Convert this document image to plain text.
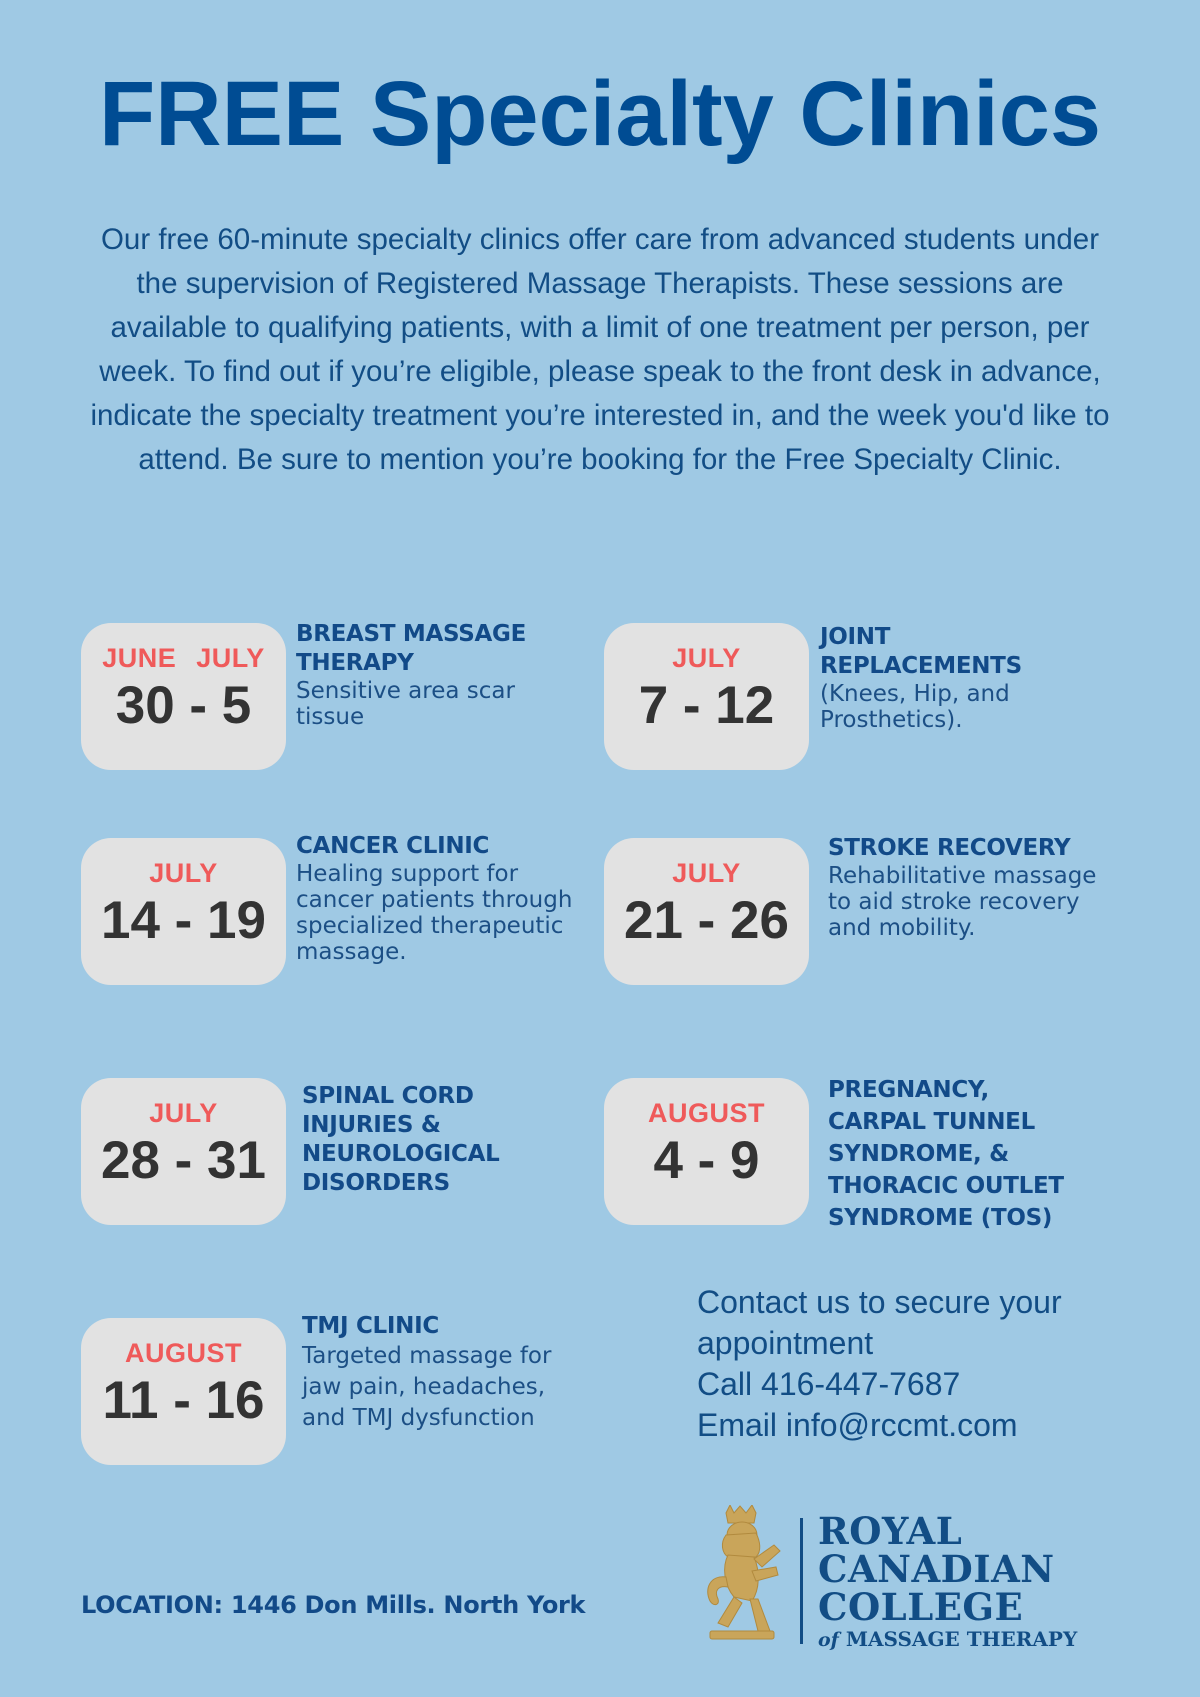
FREE Specialty Clinics

Our free 60-minute specialty clinics offer care from advanced students under the supervision of Registered Massage Therapists. These sessions are available to qualifying patients, with a limit of one treatment per person, per week. To find out if you’re eligible, please speak to the front desk in advance, indicate the specialty treatment you’re interested in, and the week you'd like to attend. Be sure to mention you’re booking for the Free Specialty Clinic.

JUNE JULY
30 - 5
BREAST MASSAGE THERAPY
Sensitive area scar tissue
JULY
7 - 12
JOINT REPLACEMENTS
(Knees, Hip, and Prosthetics).
JULY
14 - 19
CANCER CLINIC
Healing support for cancer patients through specialized therapeutic massage.
JULY
21 - 26
STROKE RECOVERY
Rehabilitative massage to aid stroke recovery and mobility.
JULY
28 - 31
SPINAL CORD INJURIES & NEUROLOGICAL DISORDERS
AUGUST
4 - 9
PREGNANCY, CARPAL TUNNEL SYNDROME, & THORACIC OUTLET SYNDROME (TOS)
AUGUST
11 - 16
TMJ CLINIC
Targeted massage for jaw pain, headaches, and TMJ dysfunction
Contact us to secure your
appointment
Call 416-447-7687
Email info@rccmt.com
LOCATION: 1446 Don Mills. North York
ROYAL
CANADIAN
COLLEGE
of MASSAGE THERAPY
